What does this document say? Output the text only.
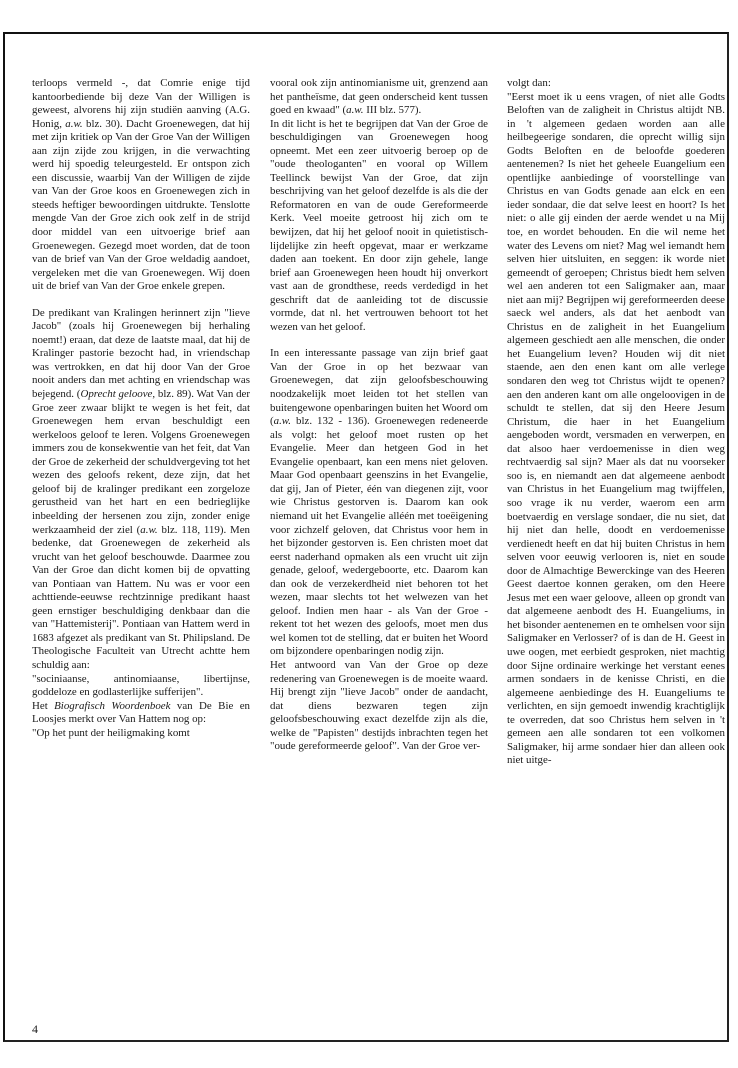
terloops vermeld -, dat Comrie enige tijd kantoorbediende bij deze Van der Willigen is geweest, alvorens hij zijn studiën aanving (A.G. Honig, a.w. blz. 30). Dacht Groenewegen, dat hij met zijn kritiek op Van der Groe Van der Willigen aan zijn zijde zou krijgen, in die verwachting werd hij spoedig teleurgesteld. Er ontspon zich een discussie, waarbij Van der Willigen de zijde van Van der Groe koos en Groenewegen zich in steeds heftiger bewoordingen uitdrukte. Tenslotte mengde Van der Groe zich ook zelf in de strijd door middel van een uitvoerige brief aan Groenewegen. Gezegd moet worden, dat de toon van de brief van Van der Groe weldadig aandoet, vergeleken met die van Groenewegen. Wij doen uit de brief van Van der Groe enkele grepen.

De predikant van Kralingen herinnert zijn "lieve Jacob" (zoals hij Groenewegen bij herhaling noemt!) eraan, dat deze de laatste maal, dat hij de Kralinger pastorie bezocht had, in vriendschap was vertrokken, en dat hij door Van der Groe nooit anders dan met achting en vriendschap was bejegend. (Oprecht geloove, blz. 89). Wat Van der Groe zeer zwaar blijkt te wegen is het feit, dat Groenewegen hem ervan beschuldigt een werkeloos geloof te leren. Volgens Groenewegen immers zou de konsekwentie van het feit, dat Van der Groe de zekerheid der schuldvergeving tot het wezen des geloofs rekent, deze zijn, dat het geloof bij de kralinger predikant een zorgeloze gerustheid van het hart en een bedrieglijke inbeelding der hersenen zou zijn, zonder enige werkzaamheid der ziel (a.w. blz. 118, 119). Men bedenke, dat Groenewegen de zekerheid als vrucht van het geloof beschouwde. Daarmee zou Van der Groe dan dicht komen bij de opvatting van Pontiaan van Hattem. Nu was er voor een achttiende-eeuwse rechtzinnige predikant haast geen ernstiger beschuldiging denkbaar dan die van "Hattemisterij". Pontiaan van Hattem werd in 1683 afgezet als predikant van St. Philipsland. De Theologische Faculteit van Utrecht achtte hem schuldig aan:

"sociniaanse, antinomiaanse, libertijnse, goddeloze en godlasterlijke sufferijen".

Het Biografisch Woordenboek van De Bie en Loosjes merkt over Van Hattem nog op:

"Op het punt der heiligmaking komt

vooral ook zijn antinomianisme uit, grenzend aan het pantheïsme, dat geen onderscheid kent tussen goed en kwaad" (a.w. III blz. 577).

In dit licht is het te begrijpen dat Van der Groe de beschuldigingen van Groenewegen hoog opneemt. Met een zeer uitvoerig beroep op de "oude theologanten" en vooral op Willem Teellinck bewijst Van der Groe, dat zijn beschrijving van het geloof dezelfde is als die der Reformatoren en van de oude Gereformeerde Kerk. Veel moeite getroost hij zich om te bewijzen, dat hij het geloof nooit in quietistisch-lijdelijke zin heeft opgevat, maar er werkzame daden aan toekent. En door zijn gehele, lange brief aan Groenewegen heen houdt hij onverkort vast aan de grondthese, reeds verdedigd in het geschrift dat de aanleiding tot de discussie vormde, dat nl. het vertrouwen behoort tot het wezen van het geloof.

In een interessante passage van zijn brief gaat Van der Groe in op het bezwaar van Groenewegen, dat zijn geloofsbeschouwing noodzakelijk moet leiden tot het stellen van buitengewone openbaringen buiten het Woord om (a.w. blz. 132 - 136). Groenewegen redeneerde als volgt: het geloof moet rusten op het Evangelie. Meer dan hetgeen God in het Evangelie openbaart, kan een mens niet geloven. Maar God openbaart geenszins in het Evangelie, dat gij, Jan of Pieter, één van diegenen zijt, voor wie Christus gestorven is. Daarom kan ook niemand uit het Evangelie alléén met toeëigening voor zichzelf geloven, dat Christus voor hem in het bijzonder gestorven is. Een christen moet dat eerst naderhand opmaken als een vrucht uit zijn genade, geloof, wedergeboorte, etc. Daarom kan dan ook de verzekerdheid niet behoren tot het wezen, maar slechts tot het welwezen van het geloof. Indien men haar - als Van der Groe - rekent tot het wezen des geloofs, moet men dus wel komen tot de stelling, dat er buiten het Woord om bijzondere openbaringen nodig zijn.

Het antwoord van Van der Groe op deze redenering van Groenewegen is de moeite waard. Hij brengt zijn "lieve Jacob" onder de aandacht, dat diens bezwaren tegen zijn geloofsbeschouwing exact dezelfde zijn als die, welke de "Papisten" destijds inbrachten tegen het "oude gereformeerde geloof". Van der Groe ver-

volgt dan:

"Eerst moet ik u eens vragen, of niet alle Godts Beloften van de zaligheit in Christus altijdt NB. in 't algemeen gedaen worden aan alle heilbegeerige sondaren, die oprecht willig sijn Godts Beloften en de beloofde goederen aentenemen? Is niet het geheele Euangelium een opentlijke aanbiedinge of voorstellinge van Christus en van Godts genade aan elck en een ieder sondaar, die dat selve leest en hoort? Is het niet: o alle gij einden der aerde wendet u na Mij toe, en wordet behouden. En die wil neme het water des Levens om niet? Mag wel iemandt hem selven hier uitsluiten, en seggen: ik worde niet gemeendt of geroepen; Christus biedt hem selven wel aen anderen tot een Saligmaker aan, maar niet aan mij? Begrijpen wij gereformeerden deese saeck wel anders, als dat het aenbodt van Christus en de zaligheit in het Euangelium algemeen geschiedt aen alle menschen, die onder het Euangelium leven? Houden wij dit niet staende, aen den enen kant om alle verlege sondaren den weg tot Christus wijdt te openen? aen den anderen kant om alle ongeloovigen in de schuldt te stellen, dat sij den Heere Jesum Christum, die haer in het Euangelium aengeboden wordt, versmaden en verwerpen, en dat alsoo haer verdoemenisse in dien weg rechtvaerdig sal sijn? Maer als dat nu voorseker soo is, en niemandt aen dat algemeene aenbodt van Christus in het Euangelium mag twijffelen, soo vrage ik nu verder, waerom een arm boetvaerdig en verslage sondaer, die nu siet, dat hij niet dan helle, doodt en verdoemenisse verdienedt heeft en dat hij buiten Christus in hem selven voor eeuwig verlooren is, niet en soude door de Almachtige Bewerckinge van des Heeren Geest daertoe konnen geraken, om den Heere Jesus met een waer geloove, alleen op grondt van dat algemeene aenbodt des H. Euangeliums, in het bisonder aentenemen en te omhelsen voor sijn Saligmaker en Verlosser? of is dan de H. Geest in uwe oogen, met eerbiedt gesproken, niet machtig door Sijne ordinaire werkinge het verstant eenes armen sondaers in de kenisse Christi, en die algemeene aenbiedinge des H. Euangeliums te verlichten, en sijn gemoedt inwendig krachtiglijk te overreden, dat soo Christus hem selven in 't gemeen aen alle sondaren tot een volkomen Saligmaker, hij arme sondaer hier dan alleen ook niet uitge-

4
